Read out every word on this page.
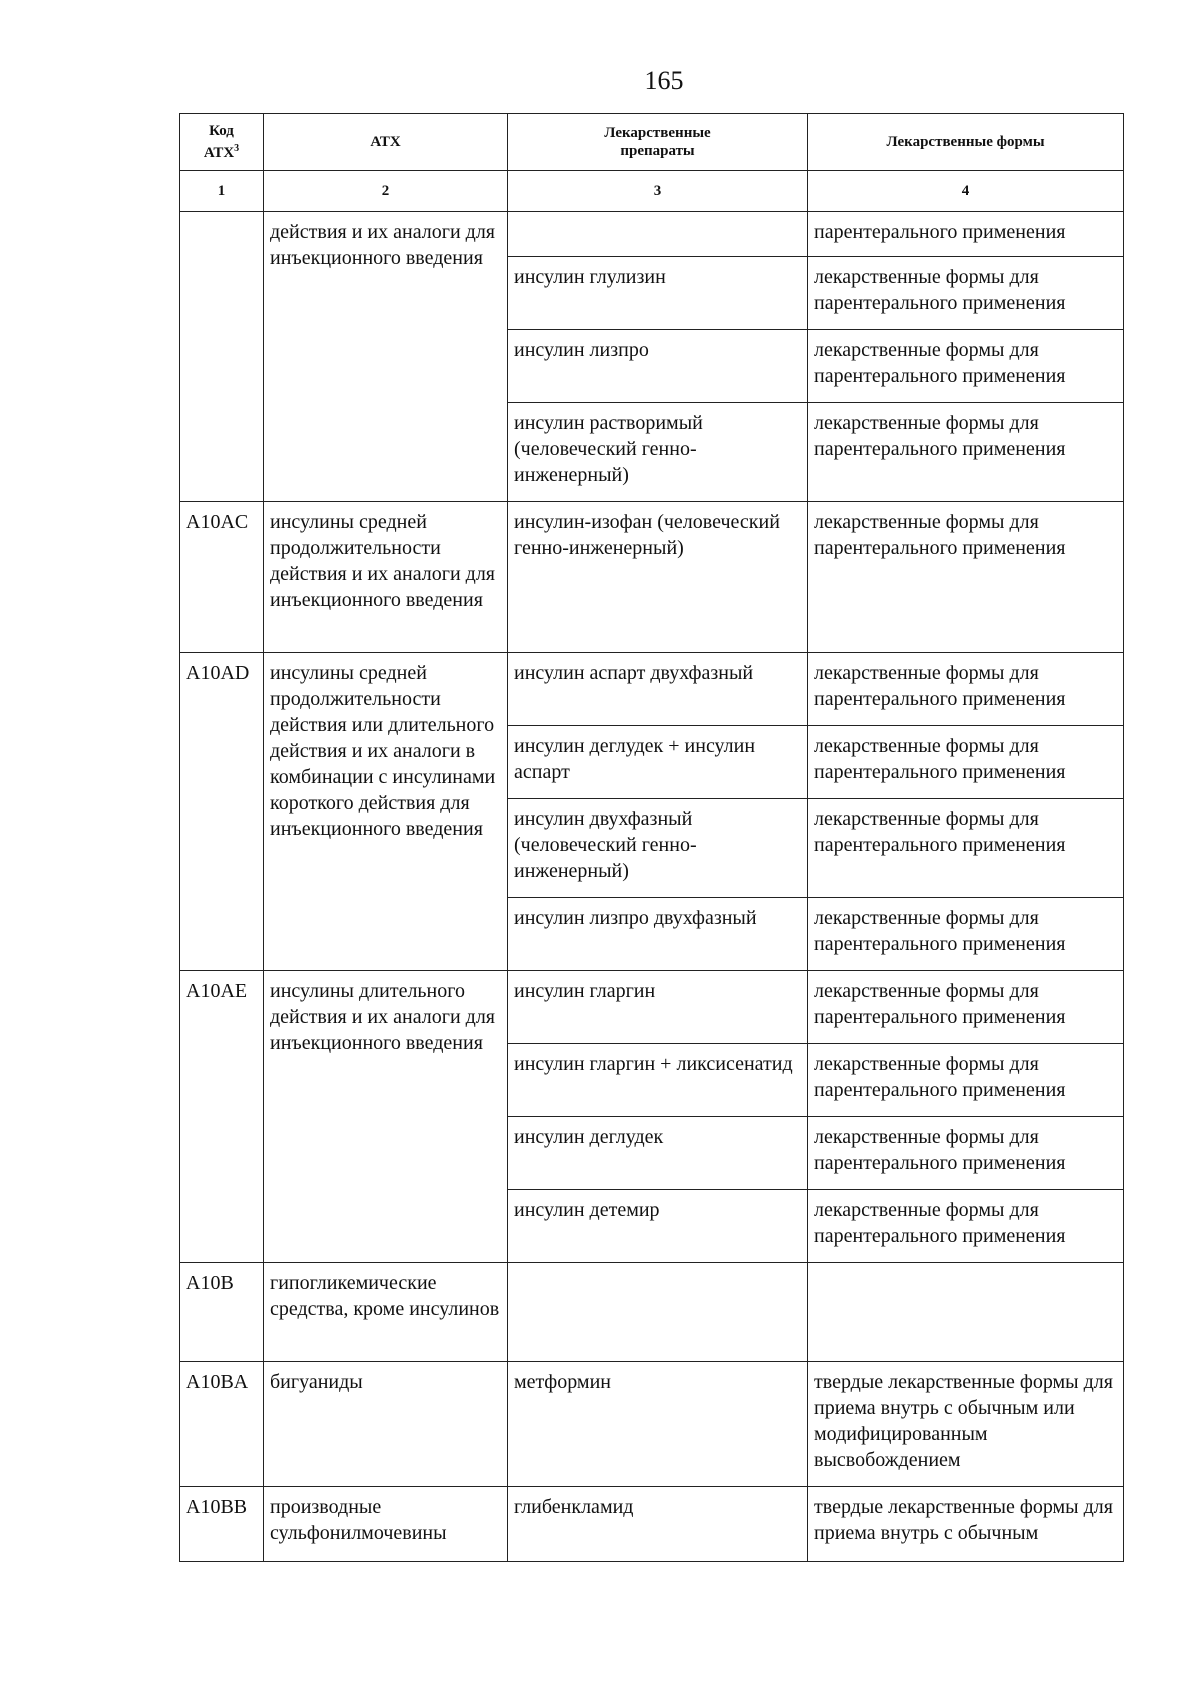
165
Код
АТХ$^3$	АТХ	Лекарственные препараты	Лекарственные формы
1	2	3	4
	действия и их аналоги для инъекционного введения		парентерального применения
		инсулин глулизин	лекарственные формы для парентерального применения
		инсулин лизпро	лекарственные формы для парентерального применения
		инсулин растворимый (человеческий генно-инженерный)	лекарственные формы для парентерального применения
A10AC	инсулины средней продолжительности действия и их аналоги для инъекционного введения	инсулин-изофан (человеческий генно-инженерный)	лекарственные формы для парентерального применения
A10AD	инсулины средней продолжительности действия или длительного действия и их аналоги в комбинации с инсулинами короткого действия для инъекционного введения	инсулин аспарт двухфазный	лекарственные формы для парентерального применения
		инсулин деглудек + инсулин аспарт	лекарственные формы для парентерального применения
		инсулин двухфазный (человеческий генно-инженерный)	лекарственные формы для парентерального применения
		инсулин лизпро двухфазный	лекарственные формы для парентерального применения
A10AE	инсулины длительного действия и их аналоги для инъекционного введения	инсулин гларгин	лекарственные формы для парентерального применения
		инсулин гларгин + ликсисенатид	лекарственные формы для парентерального применения
		инсулин деглудек	лекарственные формы для парентерального применения
		инсулин детемир	лекарственные формы для парентерального применения
A10B	гипогликемические средства, кроме инсулинов		
A10BA	бигуаниды	метформин	твердые лекарственные формы для приема внутрь с обычным или модифицированным высвобождением
A10BB	производные сульфонилмочевины	глибенкламид	твердые лекарственные формы для приема внутрь с обычным
